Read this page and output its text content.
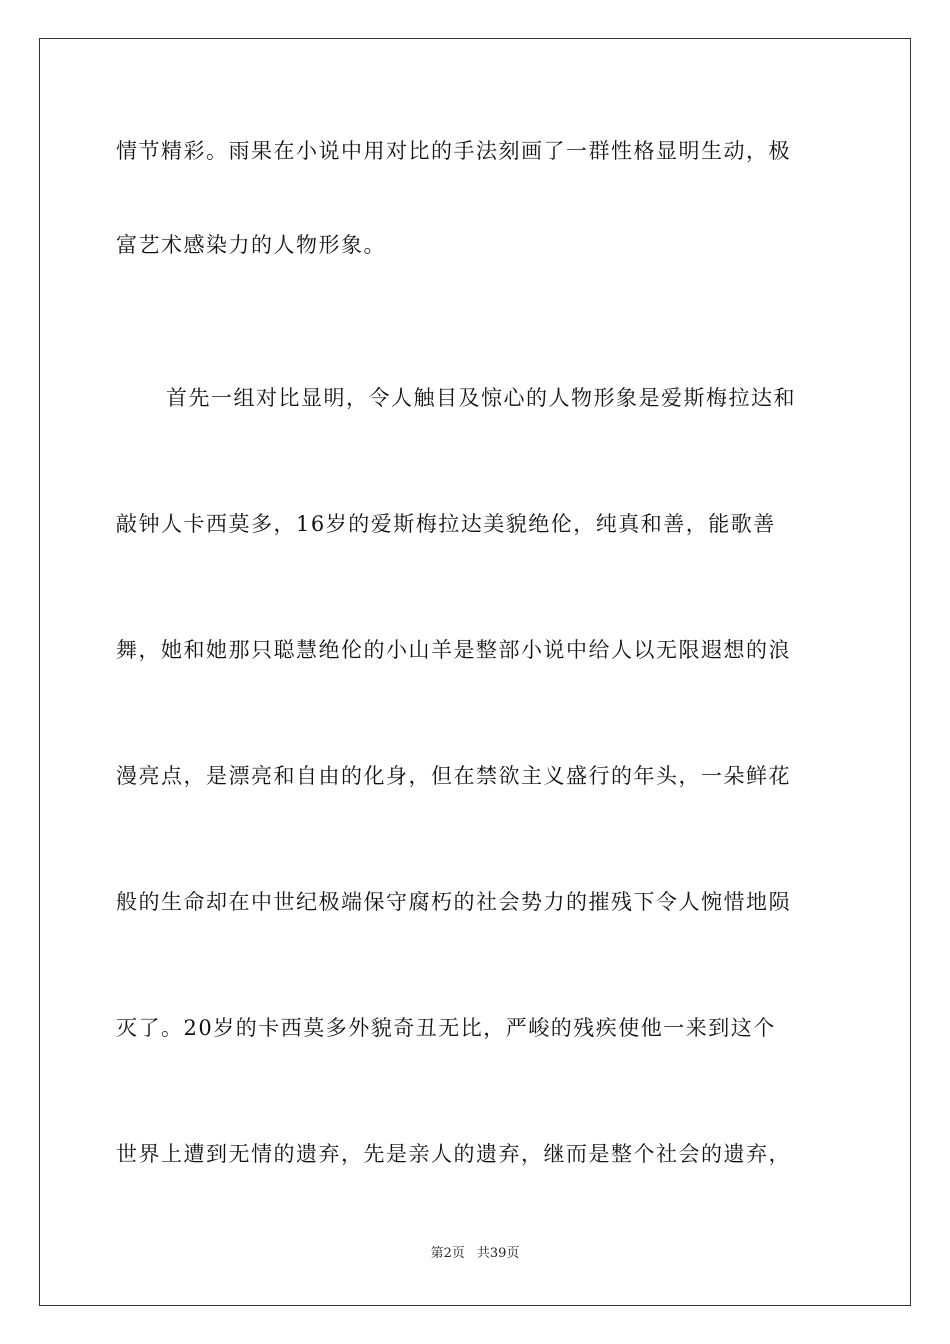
情节精彩。雨果在小说中用对比的手法刻画了一群性格显明生动，极
富艺术感染力的人物形象。
首先一组对比显明，令人触目及惊心的人物形象是爱斯梅拉达和
敲钟人卡西莫多，16岁的爱斯梅拉达美貌绝伦，纯真和善，能歌善
舞，她和她那只聪慧绝伦的小山羊是整部小说中给人以无限遐想的浪
漫亮点，是漂亮和自由的化身，但在禁欲主义盛行的年头，一朵鲜花
般的生命却在中世纪极端保守腐朽的社会势力的摧残下令人惋惜地陨
灭了。20岁的卡西莫多外貌奇丑无比，严峻的残疾使他一来到这个
世界上遭到无情的遗弃，先是亲人的遗弃，继而是整个社会的遗弃，
第2页 共39页
